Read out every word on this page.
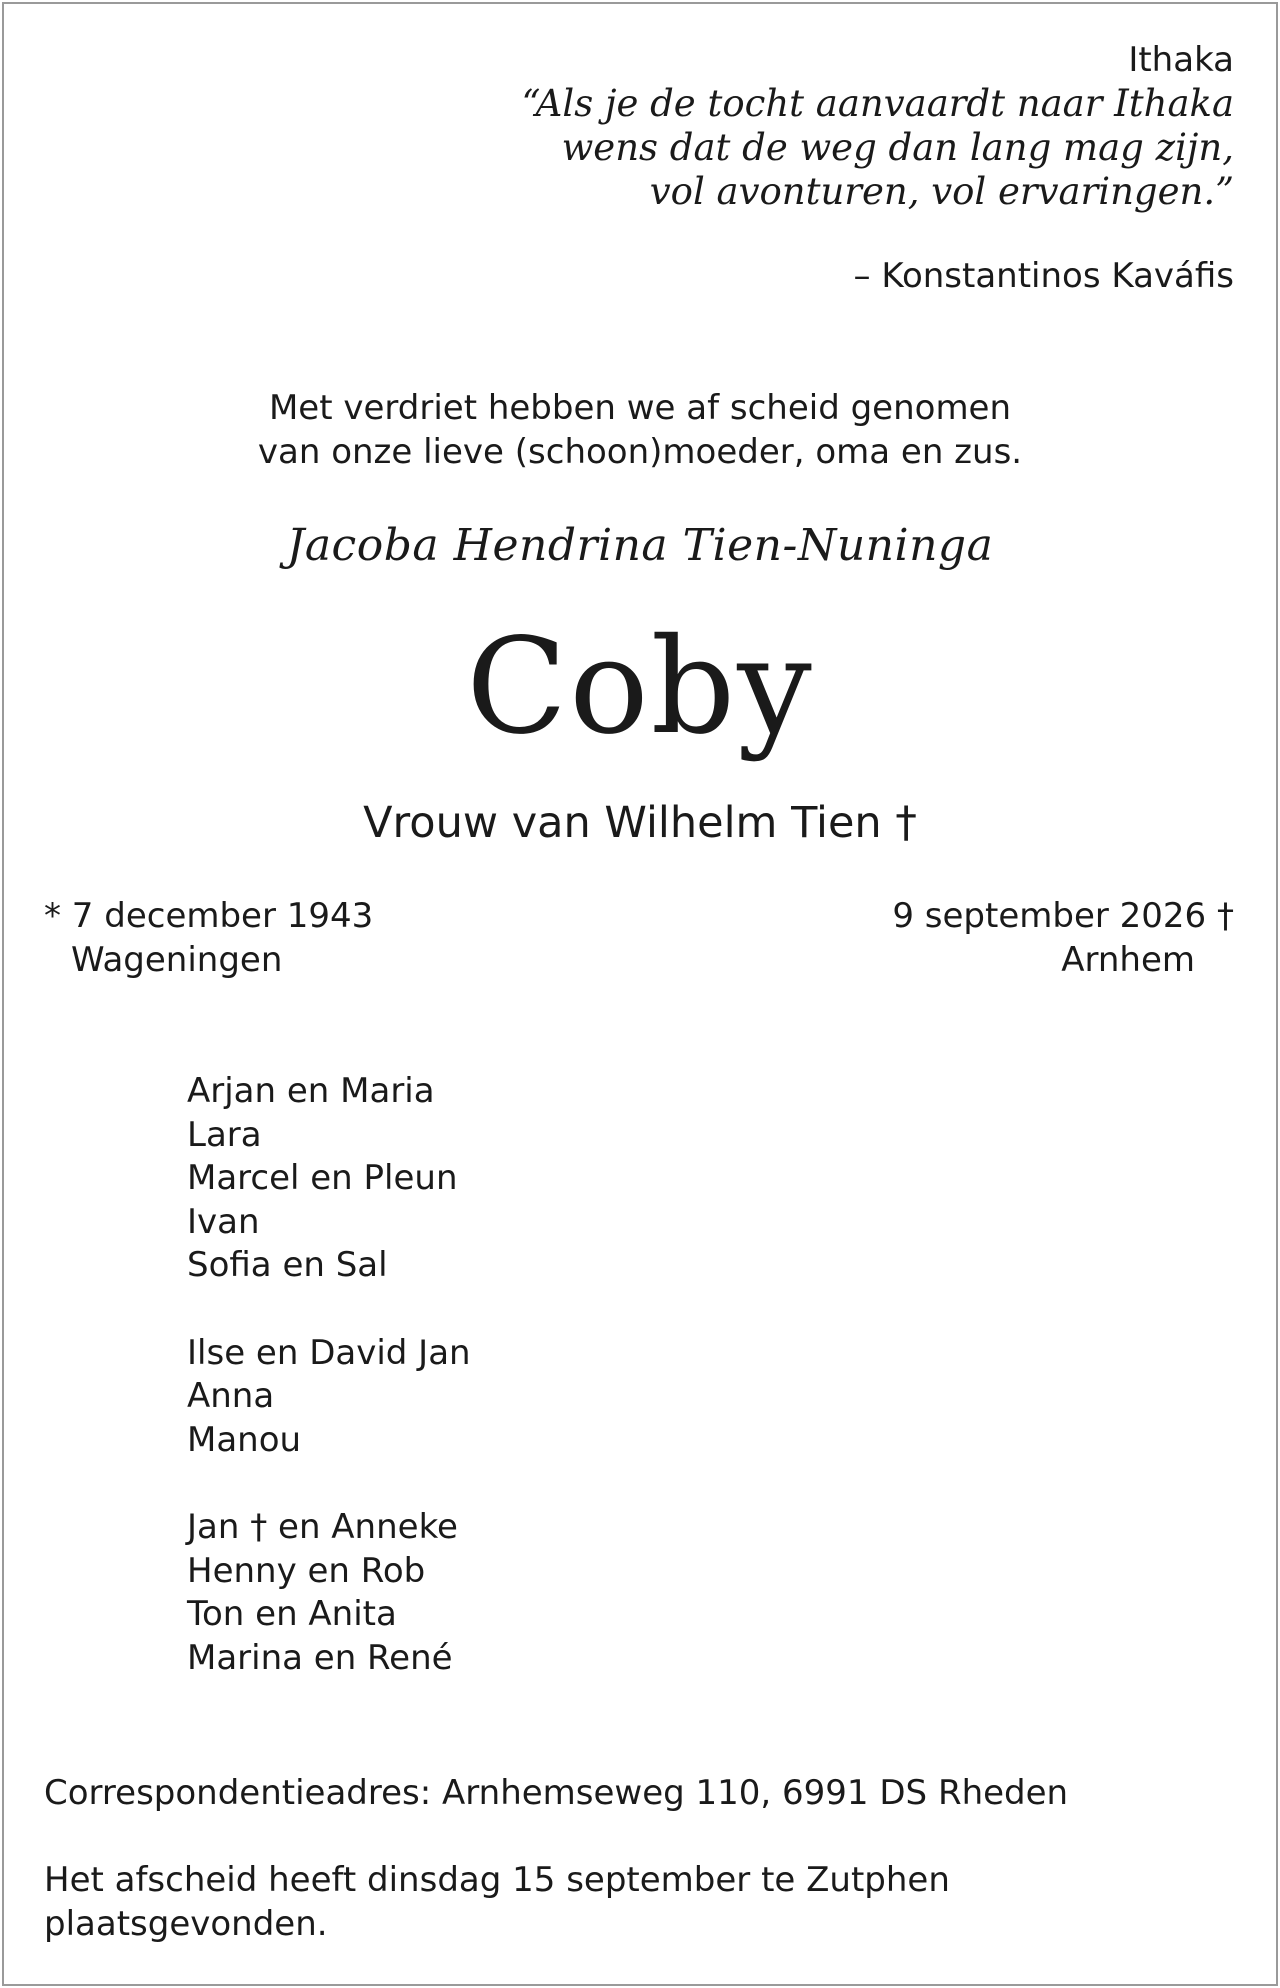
Ithaka
“Als je de tocht aanvaardt naar Ithaka
wens dat de weg dan lang mag zijn,
vol avonturen, vol ervaringen.”
– Konstantinos Kaváfis
Met verdriet hebben we af scheid genomen
van onze lieve (schoon)moeder, oma en zus.
Jacoba Hendrina Tien-Nuninga
Coby
Vrouw van Wilhelm Tien †
* 7 december 1943
Wageningen
9 september 2026 †
Arnhem
Arjan en Maria
Lara
Marcel en Pleun
Ivan
Sofia en Sal
Ilse en David Jan
Anna
Manou
Jan † en Anneke
Henny en Rob
Ton en Anita
Marina en René
Correspondentieadres: Arnhemseweg 110, 6991 DS Rheden
Het afscheid heeft dinsdag 15 september te Zutphen
plaatsgevonden.
